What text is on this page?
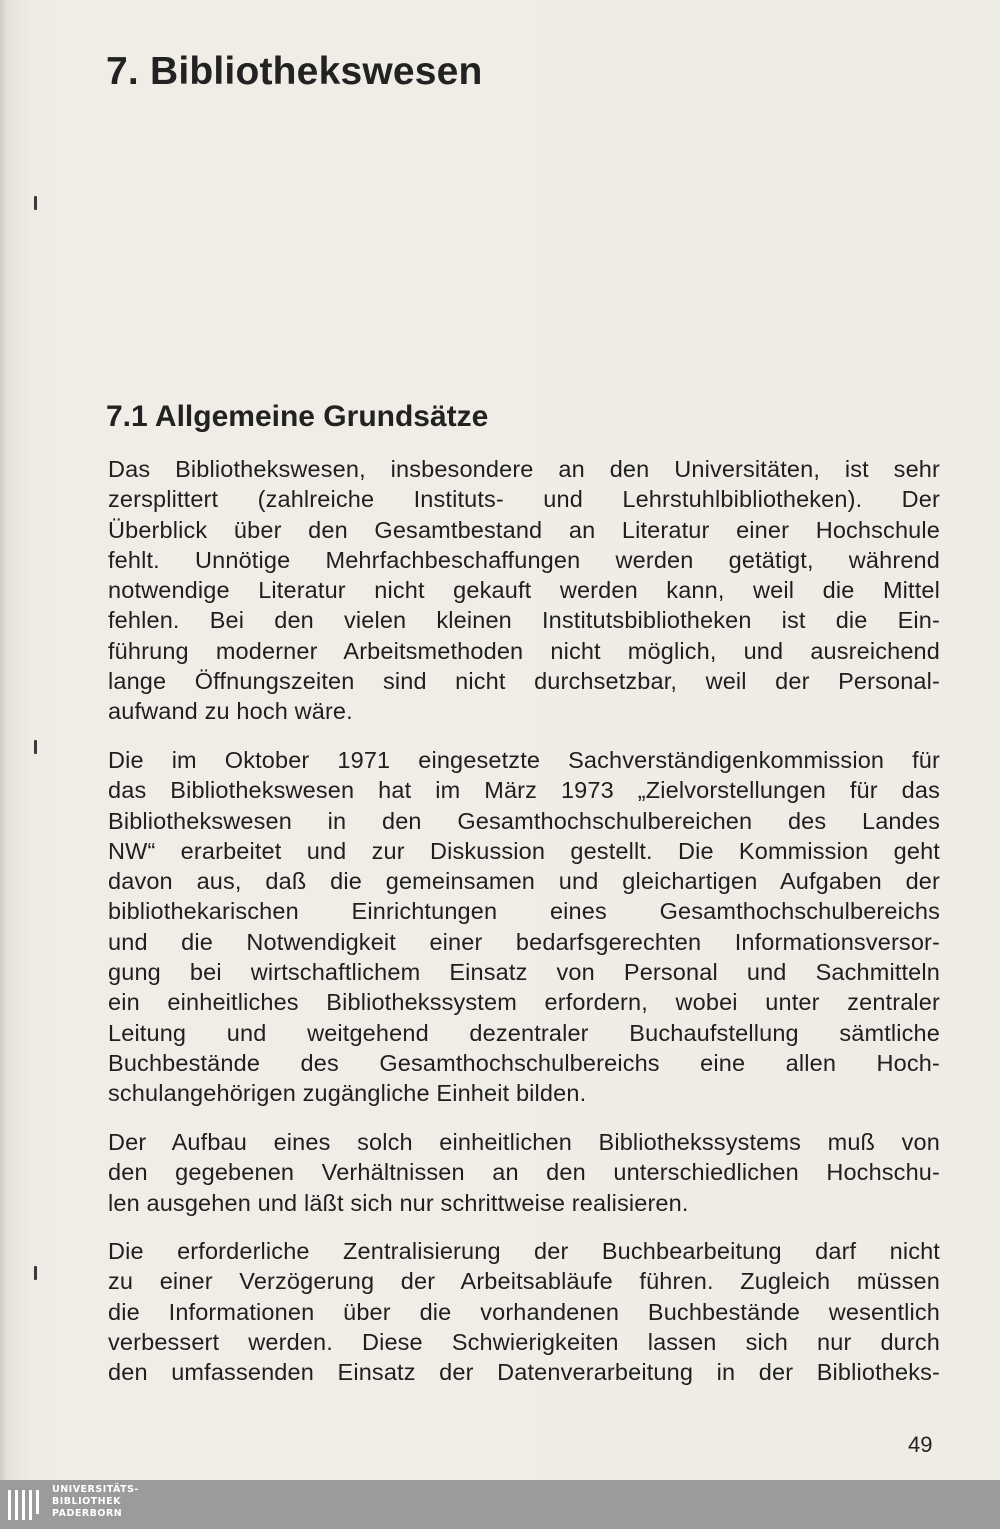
7. Bibliothekswesen
7.1 Allgemeine Grundsätze
Das Bibliothekswesen, insbesondere an den Universitäten, ist sehr
zersplittert (zahlreiche Instituts- und Lehrstuhlbibliotheken). Der
Überblick über den Gesamtbestand an Literatur einer Hochschule
fehlt. Unnötige Mehrfachbeschaffungen werden getätigt, während
notwendige Literatur nicht gekauft werden kann, weil die Mittel
fehlen. Bei den vielen kleinen Institutsbibliotheken ist die Ein-
führung moderner Arbeitsmethoden nicht möglich, und ausreichend
lange Öffnungszeiten sind nicht durchsetzbar, weil der Personal-
aufwand zu hoch wäre.
Die im Oktober 1971 eingesetzte Sachverständigenkommission für
das Bibliothekswesen hat im März 1973 „Zielvorstellungen für das
Bibliothekswesen in den Gesamthochschulbereichen des Landes
NW“ erarbeitet und zur Diskussion gestellt. Die Kommission geht
davon aus, daß die gemeinsamen und gleichartigen Aufgaben der
bibliothekarischen Einrichtungen eines Gesamthochschulbereichs
und die Notwendigkeit einer bedarfsgerechten Informationsversor-
gung bei wirtschaftlichem Einsatz von Personal und Sachmitteln
ein einheitliches Bibliothekssystem erfordern, wobei unter zentraler
Leitung und weitgehend dezentraler Buchaufstellung sämtliche
Buchbestände des Gesamthochschulbereichs eine allen Hoch-
schulangehörigen zugängliche Einheit bilden.
Der Aufbau eines solch einheitlichen Bibliothekssystems muß von
den gegebenen Verhältnissen an den unterschiedlichen Hochschu-
len ausgehen und läßt sich nur schrittweise realisieren.
Die erforderliche Zentralisierung der Buchbearbeitung darf nicht
zu einer Verzögerung der Arbeitsabläufe führen. Zugleich müssen
die Informationen über die vorhandenen Buchbestände wesentlich
verbessert werden. Diese Schwierigkeiten lassen sich nur durch
den umfassenden Einsatz der Datenverarbeitung in der Bibliotheks-
49
UNIVERSITÄTS-
BIBLIOTHEK
PADERBORN
